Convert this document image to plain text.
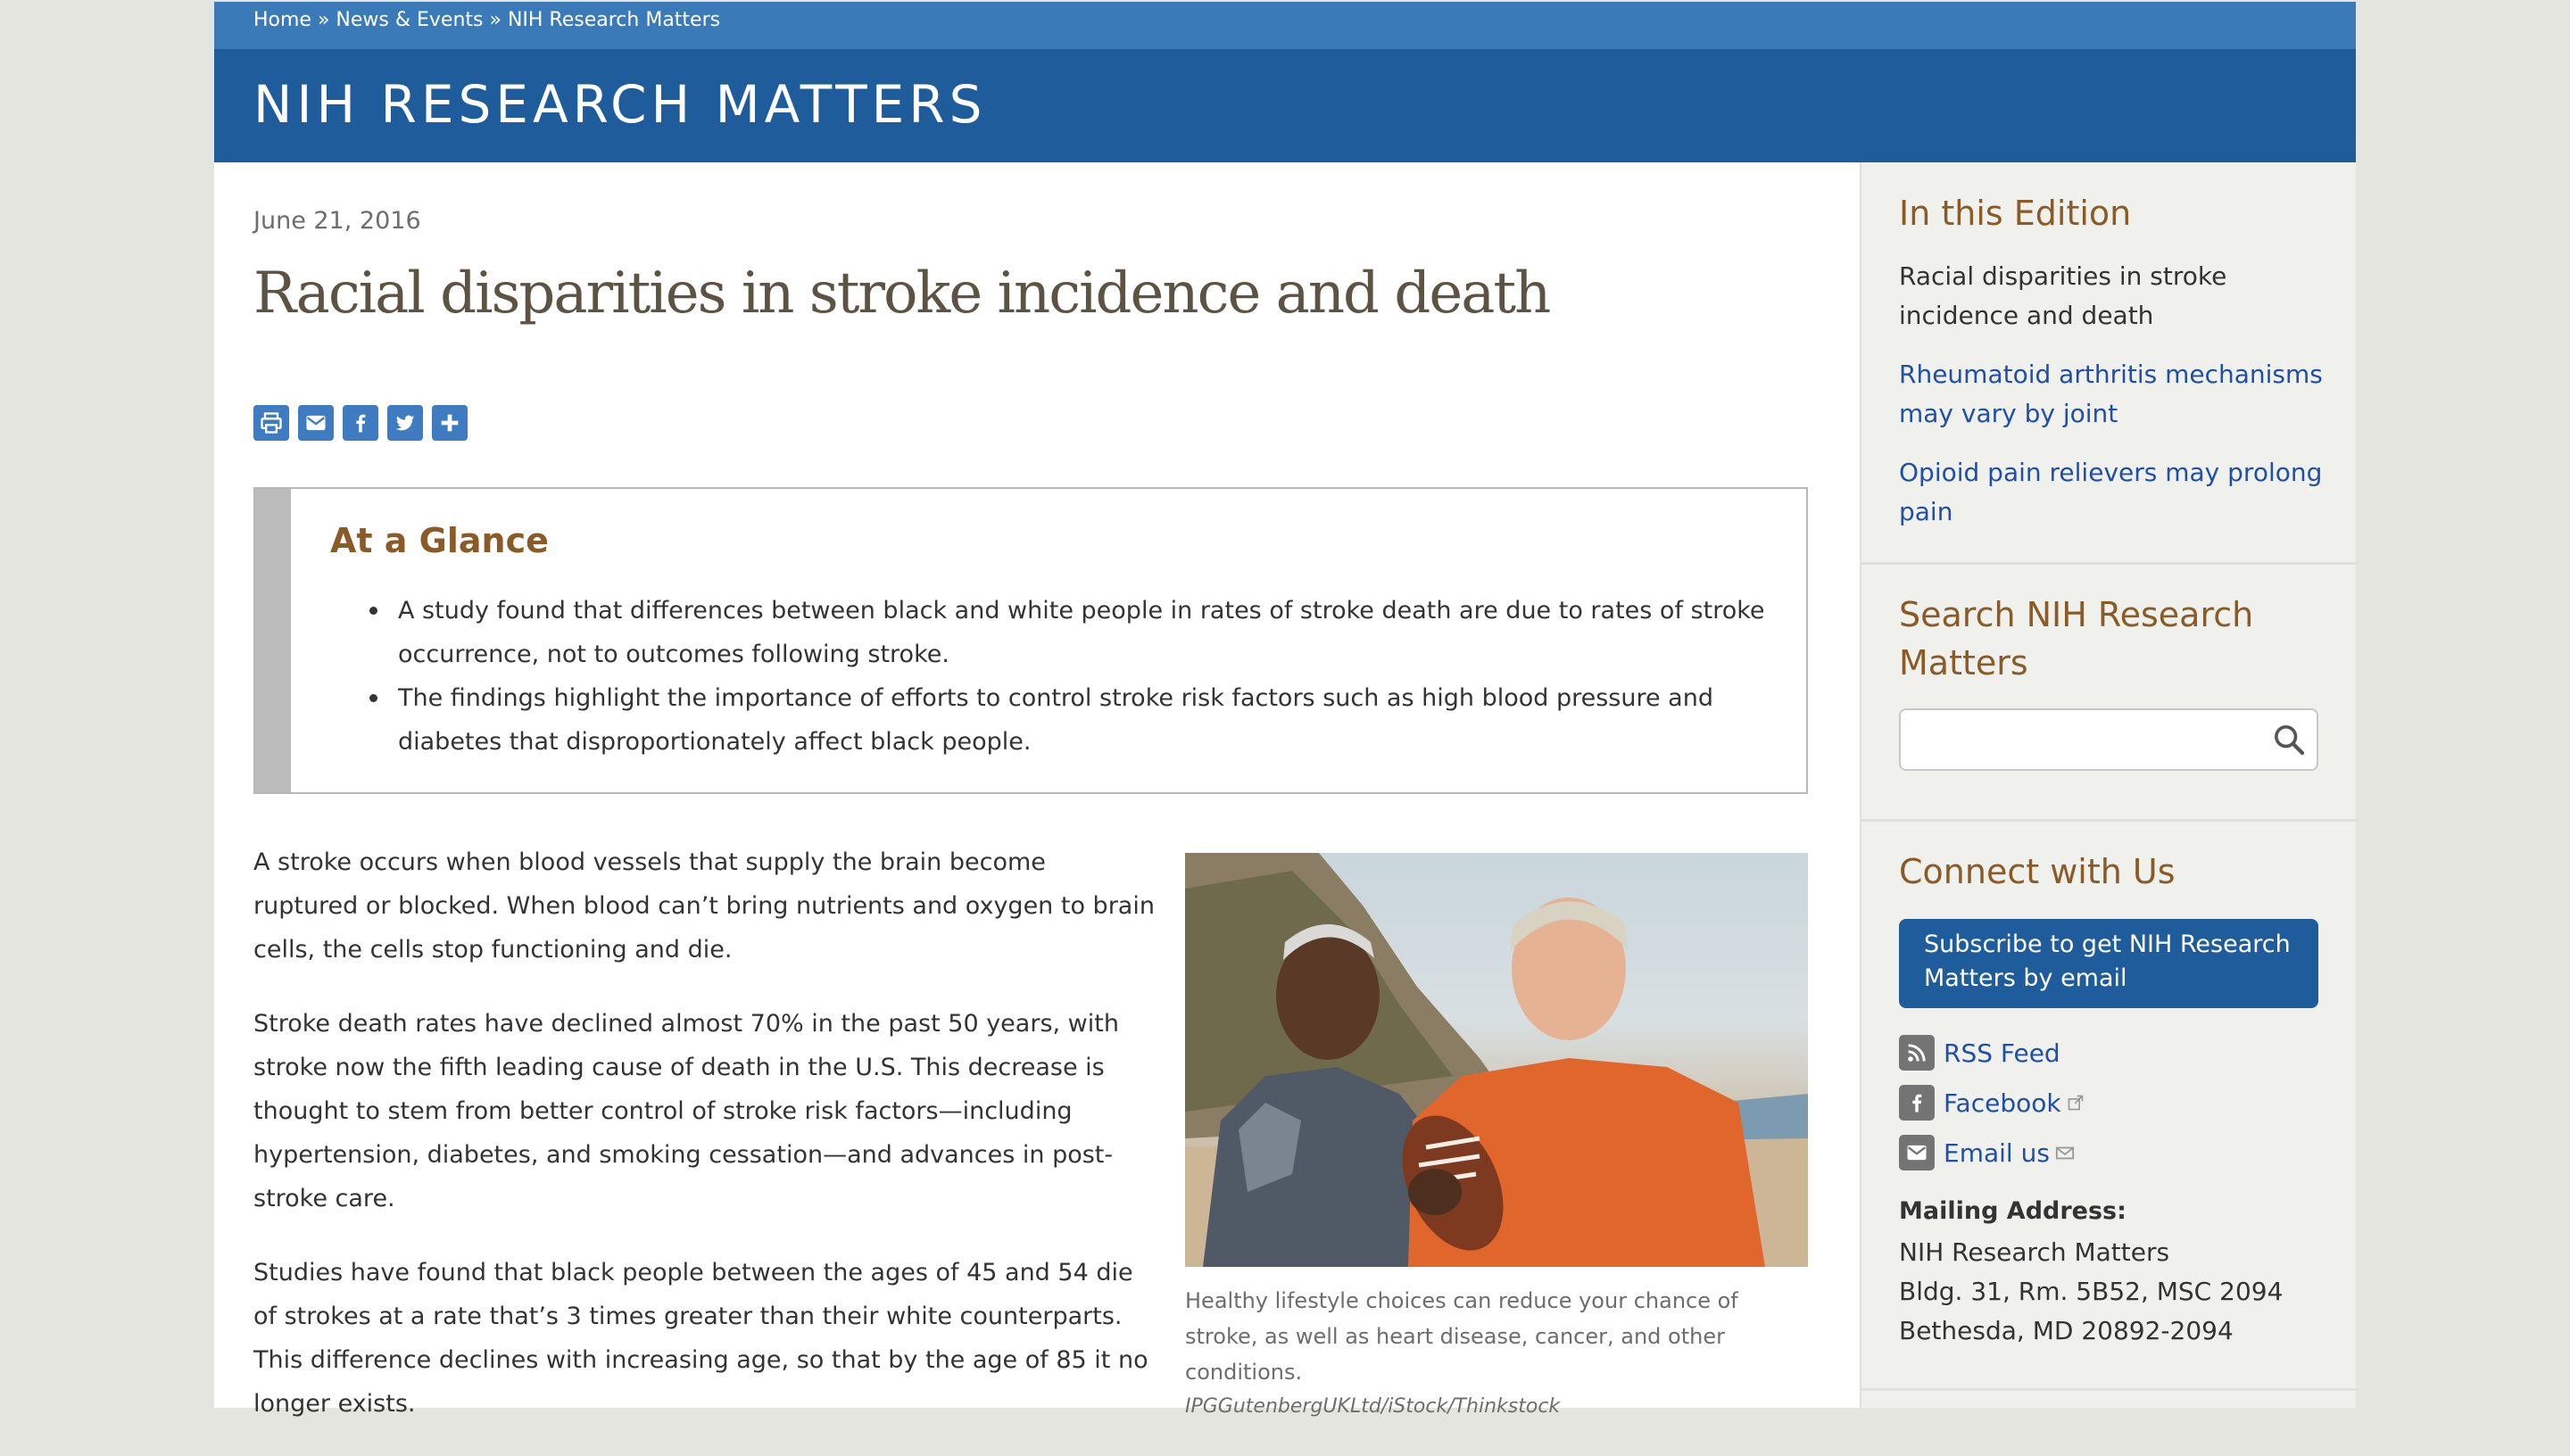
Home » News & Events » NIH Research Matters
NIH RESEARCH MATTERS
June 21, 2016
Racial disparities in stroke incidence and death
At a Glance
A study found that differences between black and white people in rates of stroke death are due to rates of stroke occurrence, not to outcomes following stroke.
The findings highlight the importance of efforts to control stroke risk factors such as high blood pressure and diabetes that disproportionately affect black people.

A stroke occurs when blood vessels that supply the brain become ruptured or blocked. When blood can’t bring nutrients and oxygen to brain cells, the cells stop functioning and die.

Stroke death rates have declined almost 70% in the past 50 years, with stroke now the fifth leading cause of death in the U.S. This decrease is thought to stem from better control of stroke risk factors—including hypertension, diabetes, and smoking cessation—and advances in post-stroke care.

Studies have found that black people between the ages of 45 and 54 die of strokes at a rate that’s 3 times greater than their white counterparts. This difference declines with increasing age, so that by the age of 85 it no longer exists.

Healthy lifestyle choices can reduce your chance of stroke, as well as heart disease, cancer, and other conditions.
IPGGutenbergUKLtd/iStock/Thinkstock
In this Edition
Racial disparities in stroke incidence and death
Rheumatoid arthritis mechanisms may vary by joint
Opioid pain relievers may prolong pain
Search NIH Research Matters
Connect with Us
Subscribe to get NIH Research Matters by email
RSS Feed
Facebook
Email us
Mailing Address:
NIH Research Matters
Bldg. 31, Rm. 5B52, MSC 2094
Bethesda, MD 20892-2094
